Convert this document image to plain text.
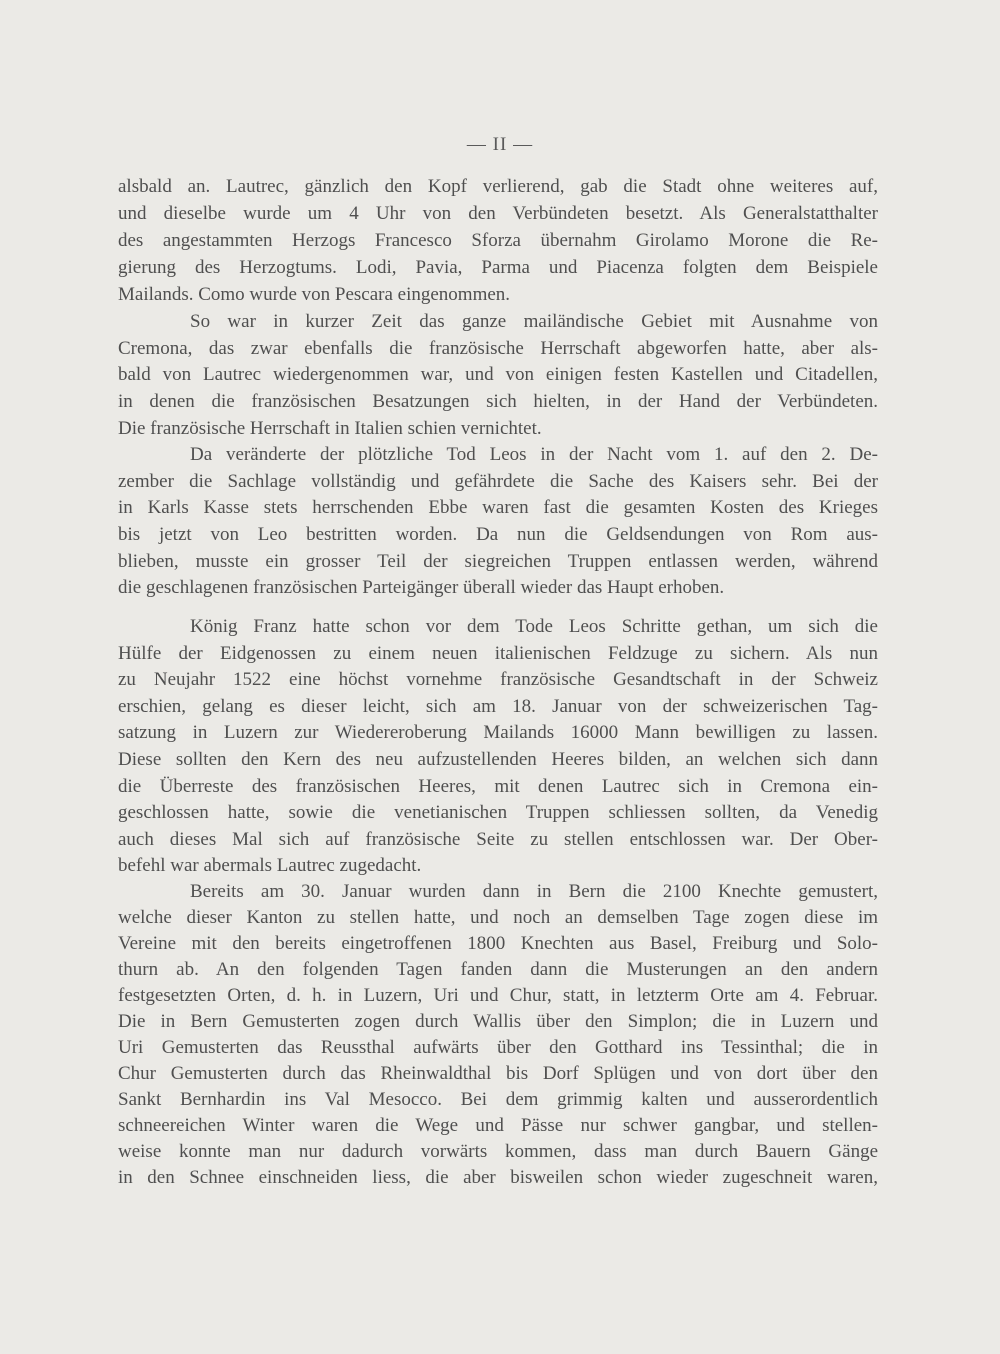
— II —
alsbald an. Lautrec, gänzlich den Kopf verlierend, gab die Stadt ohne weiteres auf,
und dieselbe wurde um 4 Uhr von den Verbündeten besetzt. Als Generalstatthalter
des angestammten Herzogs Francesco Sforza übernahm Girolamo Morone die Re-
gierung des Herzogtums. Lodi, Pavia, Parma und Piacenza folgten dem Beispiele
Mailands. Como wurde von Pescara eingenommen.
So war in kurzer Zeit das ganze mailändische Gebiet mit Ausnahme von
Cremona, das zwar ebenfalls die französische Herrschaft abgeworfen hatte, aber als-
bald von Lautrec wiedergenommen war, und von einigen festen Kastellen und Citadellen,
in denen die französischen Besatzungen sich hielten, in der Hand der Verbündeten.
Die französische Herrschaft in Italien schien vernichtet.
Da veränderte der plötzliche Tod Leos in der Nacht vom 1. auf den 2. De-
zember die Sachlage vollständig und gefährdete die Sache des Kaisers sehr. Bei der
in Karls Kasse stets herrschenden Ebbe waren fast die gesamten Kosten des Krieges
bis jetzt von Leo bestritten worden. Da nun die Geldsendungen von Rom aus-
blieben, musste ein grosser Teil der siegreichen Truppen entlassen werden, während
die geschlagenen französischen Parteigänger überall wieder das Haupt erhoben.
König Franz hatte schon vor dem Tode Leos Schritte gethan, um sich die
Hülfe der Eidgenossen zu einem neuen italienischen Feldzuge zu sichern. Als nun
zu Neujahr 1522 eine höchst vornehme französische Gesandtschaft in der Schweiz
erschien, gelang es dieser leicht, sich am 18. Januar von der schweizerischen Tag-
satzung in Luzern zur Wiedereroberung Mailands 16000 Mann bewilligen zu lassen.
Diese sollten den Kern des neu aufzustellenden Heeres bilden, an welchen sich dann
die Überreste des französischen Heeres, mit denen Lautrec sich in Cremona ein-
geschlossen hatte, sowie die venetianischen Truppen schliessen sollten, da Venedig
auch dieses Mal sich auf französische Seite zu stellen entschlossen war. Der Ober-
befehl war abermals Lautrec zugedacht.
Bereits am 30. Januar wurden dann in Bern die 2100 Knechte gemustert,
welche dieser Kanton zu stellen hatte, und noch an demselben Tage zogen diese im
Vereine mit den bereits eingetroffenen 1800 Knechten aus Basel, Freiburg und Solo-
thurn ab. An den folgenden Tagen fanden dann die Musterungen an den andern
festgesetzten Orten, d. h. in Luzern, Uri und Chur, statt, in letzterm Orte am 4. Februar.
Die in Bern Gemusterten zogen durch Wallis über den Simplon; die in Luzern und
Uri Gemusterten das Reussthal aufwärts über den Gotthard ins Tessinthal; die in
Chur Gemusterten durch das Rheinwaldthal bis Dorf Splügen und von dort über den
Sankt Bernhardin ins Val Mesocco. Bei dem grimmig kalten und ausserordentlich
schneereichen Winter waren die Wege und Pässe nur schwer gangbar, und stellen-
weise konnte man nur dadurch vorwärts kommen, dass man durch Bauern Gänge
in den Schnee einschneiden liess, die aber bisweilen schon wieder zugeschneit waren,
